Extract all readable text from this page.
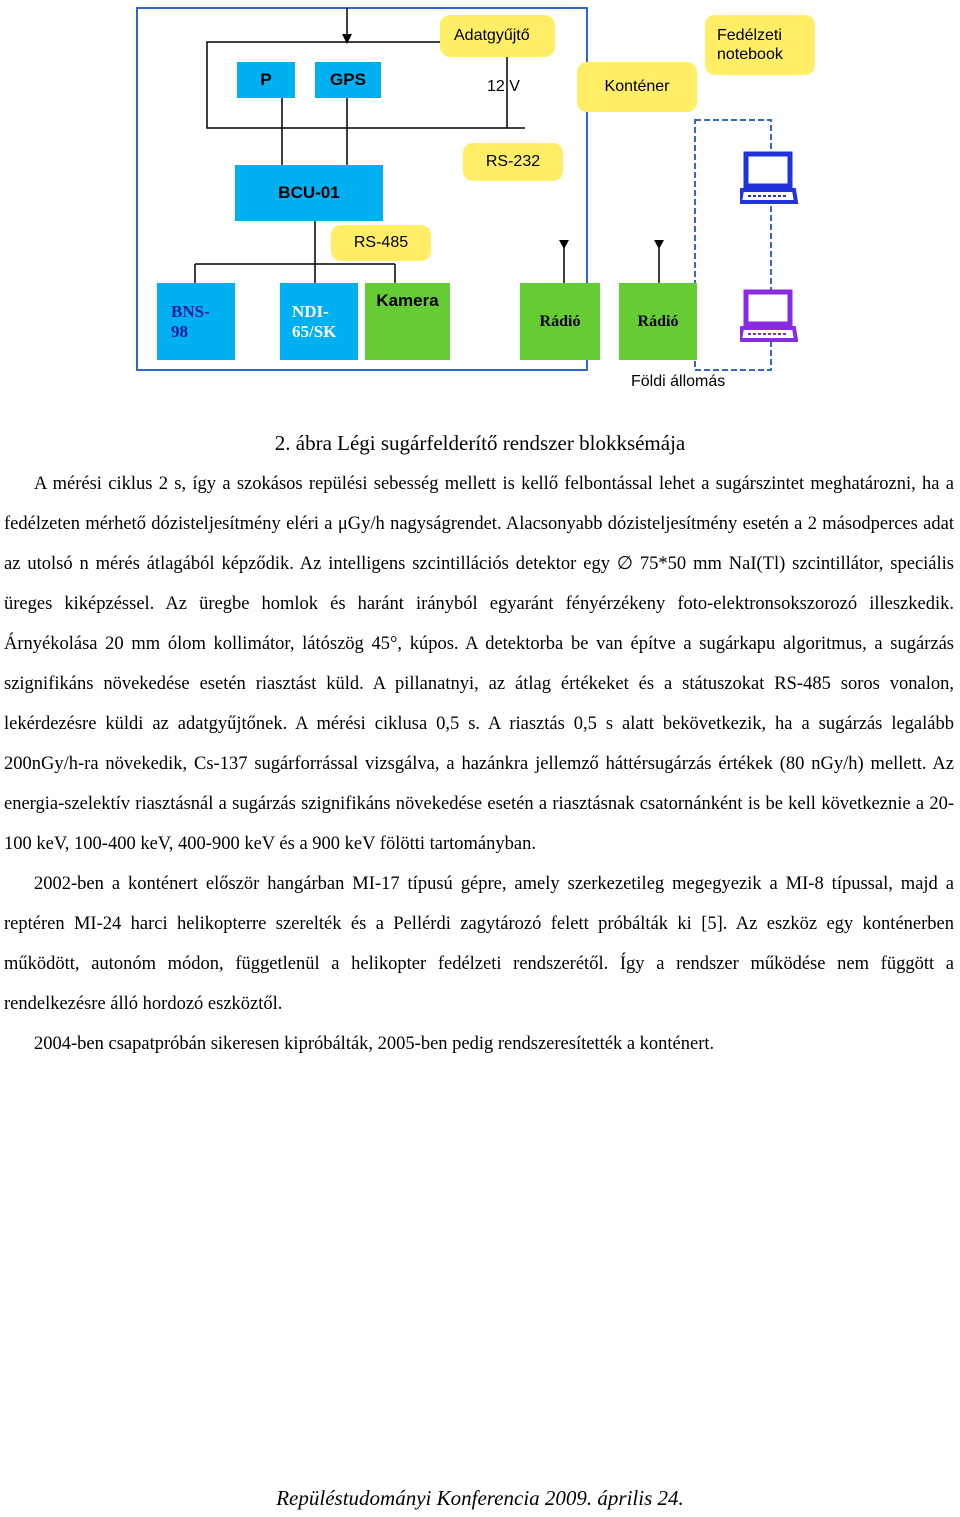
Adatgyűjtő	Fedélzeti
notebook
Konténer
RS-232
RS-485
12 V
P	GPS
BCU-01
BNS-
98
NDI-
65/SK
Kamera
Rádió	Rádió
Földi állomás
2. ábra Légi sugárfelderítő rendszer blokksémája

A mérési ciklus 2 s, így a szokásos repülési sebesség mellett is kellő felbontással lehet a sugárszintet meghatározni, ha a fedélzeten mérhető dózisteljesítmény eléri a μGy/h nagyságrendet. Alacsonyabb dózisteljesítmény esetén a 2 másodperces adat az utolsó n mérés átlagából képződik. Az intelligens szcintillációs detektor egy ∅ 75*50 mm NaI(Tl) szcintillátor, speciális üreges kiképzéssel. Az üregbe homlok és haránt irányból egyaránt fényérzékeny foto-elektronsokszorozó illeszkedik. Árnyékolása 20 mm ólom kollimátor, látószög 45°, kúpos. A detektorba be van építve a sugárkapu algoritmus, a sugárzás szignifikáns növekedése esetén riasztást küld. A pillanatnyi, az átlag értékeket és a státuszokat RS-485 soros vonalon, lekérdezésre küldi az adatgyűjtőnek. A mérési ciklusa 0,5 s. A riasztás 0,5 s alatt bekövetkezik, ha a sugárzás legalább 200nGy/h-ra növekedik, Cs-137 sugárforrással vizsgálva, a hazánkra jellemző háttérsugárzás értékek (80 nGy/h) mellett. Az energia-szelektív riasztásnál a sugárzás szignifikáns növekedése esetén a riasztásnak csatornánként is be kell következnie a 20-100 keV, 100-400 keV, 400-900 keV és a 900 keV fölötti tartományban.

2002-ben a konténert először hangárban MI-17 típusú gépre, amely szerkezetileg megegyezik a MI-8 típussal, majd a reptéren MI-24 harci helikopterre szerelték és a Pellérdi zagytározó felett próbálták ki [5]. Az eszköz egy konténerben működött, autonóm módon, függetlenül a helikopter fedélzeti rendszerétől. Így a rendszer működése nem függött a rendelkezésre álló hordozó eszköztől.

2004-ben csapatpróbán sikeresen kipróbálták, 2005-ben pedig rendszeresítették a konténert.

Repüléstudományi Konferencia 2009. április 24.
